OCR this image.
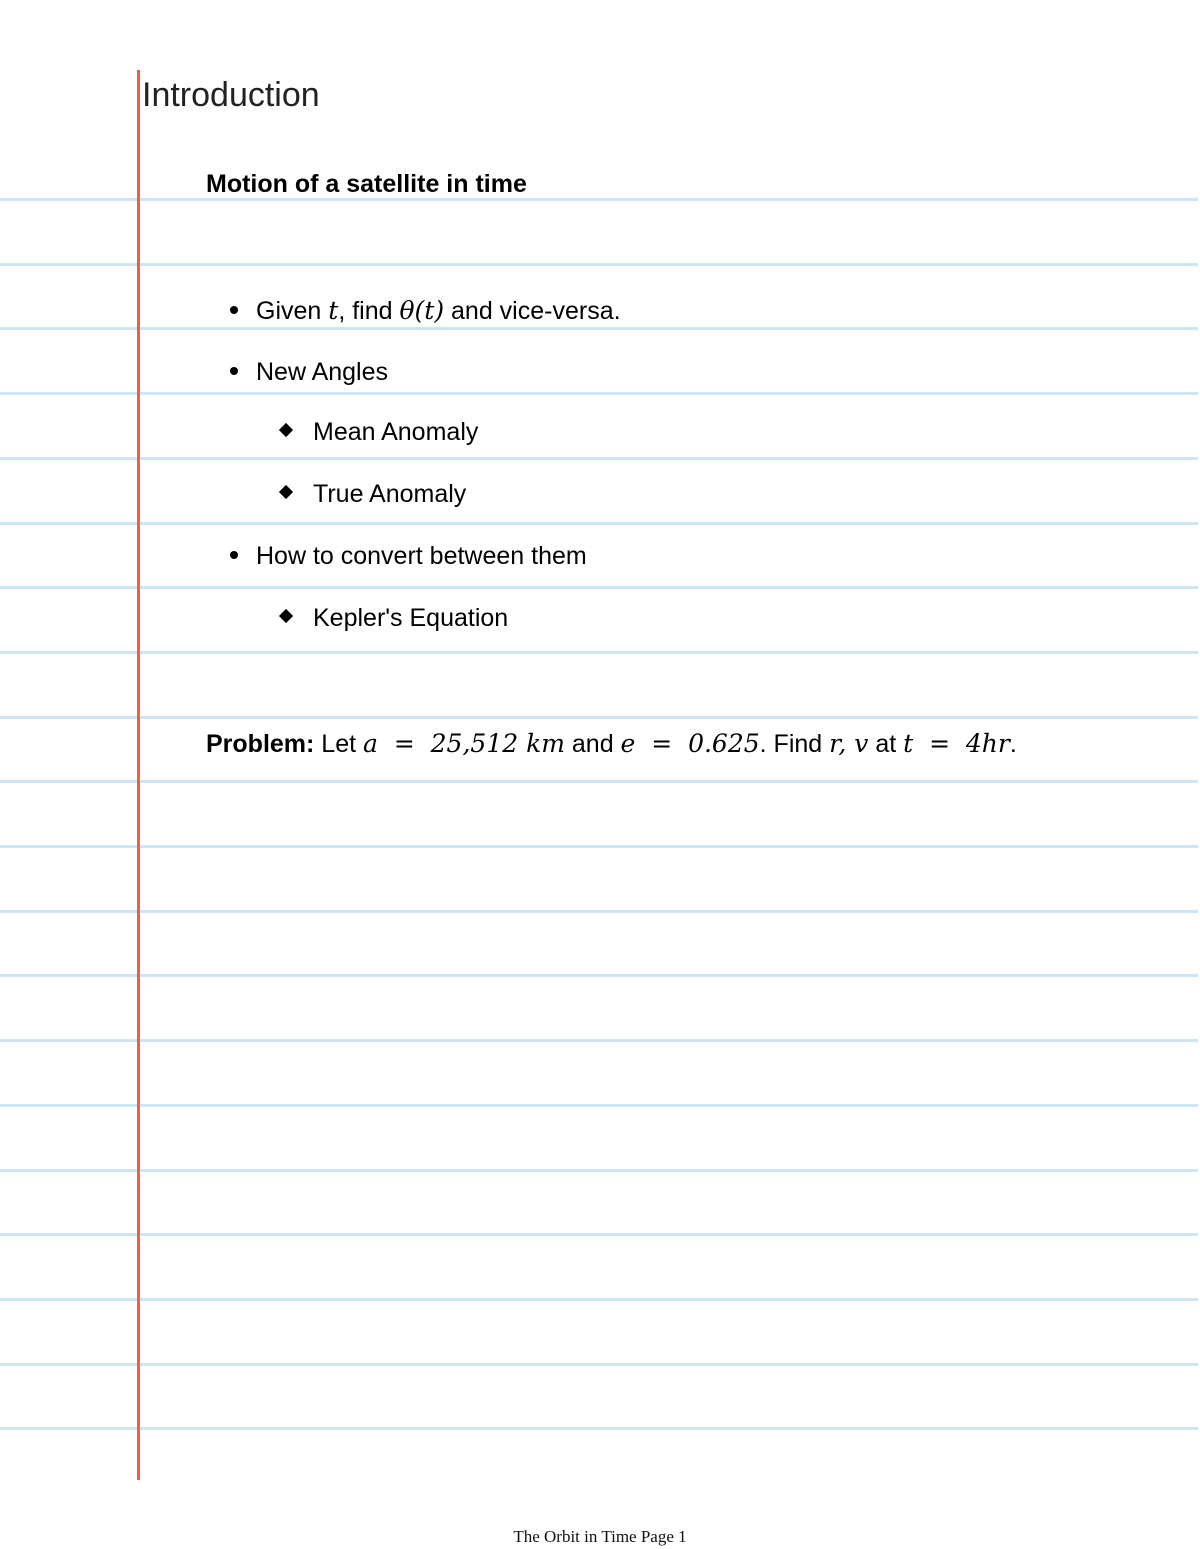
Introduction
Motion of a satellite in time
Given t, find θ(t) and vice-versa.
New Angles
Mean Anomaly
True Anomaly
How to convert between them
Kepler's Equation
Problem: Let a  =  25,512 km and e  =  0.625. Find r, v at t  =  4hr.
The Orbit in Time Page 1
